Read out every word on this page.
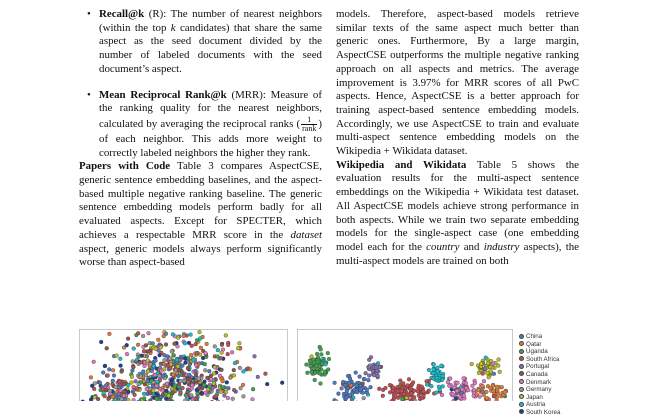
• Recall@k (R): The number of nearest neighbors (within the top k candidates) that share the same aspect as the seed document divided by the number of labeled documents with the seed document’s aspect.
• Mean Reciprocal Rank@k (MRR): Measure of the ranking quality for the nearest neighbors, calculated by averaging the reciprocal ranks ( $\frac{1}{\text{rank}}$ ) of each neighbor. This adds more weight to correctly labeled neighbors the higher they rank.

Papers with Code Table 3 compares AspectCSE, generic sentence embedding baselines, and the aspect-based multiple negative ranking baseline. The generic sentence embedding models perform badly for all evaluated aspects. Except for SPECTER, which achieves a respectable MRR score in the dataset aspect, generic models always perform significantly worse than aspect-based

models. Therefore, aspect-based models retrieve similar texts of the same aspect much better than generic ones. Furthermore, By a large margin, AspectCSE outperforms the multiple negative ranking approach on all aspects and metrics. The average improvement is 3.97% for MRR scores of all PwC aspects. Hence, AspectCSE is a better approach for training aspect-based sentence embedding models. Accordingly, we use AspectCSE to train and evaluate multi-aspect sentence embedding models on the Wikipedia + Wikidata dataset.

Wikipedia and Wikidata Table 5 shows the evaluation results for the multi-aspect sentence embeddings on the Wikipedia + Wikidata test dataset. All AspectCSE models achieve strong performance in both aspects. While we train two separate embedding models for the single-aspect case (one embedding model each for the country and industry aspects), the multi-aspect models are trained on both

China
Qatar
Uganda
South Africa
Portugal
Canada
Denmark
Germany
Japan
Austria
South Korea
